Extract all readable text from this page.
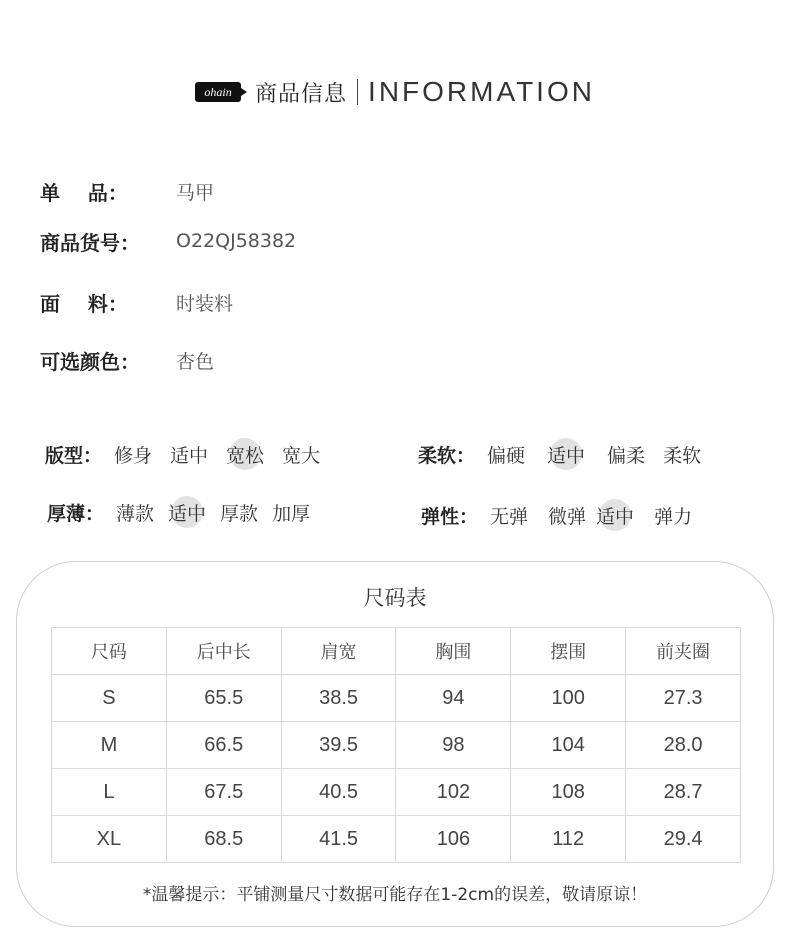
ohain	商品信息 INFORMATION
单    品：	马甲
商品货号：	O22QJ58382
面    料：	时装料
可选颜色：	杏色
版型： 修身 适中 宽松 宽大	柔软： 偏硬 适中 偏柔 柔软
厚薄： 薄款 适中 厚款 加厚	弹性： 无弹 微弹 适中 弹力
尺码表
尺码	后中长	肩宽	胸围	摆围	前夹圈
S	65.5	38.5	94	100	27.3
M	66.5	39.5	98	104	28.0
L	67.5	40.5	102	108	28.7
XL	68.5	41.5	106	112	29.4
*温馨提示：平铺测量尺寸数据可能存在1-2cm的误差，敬请原谅！
